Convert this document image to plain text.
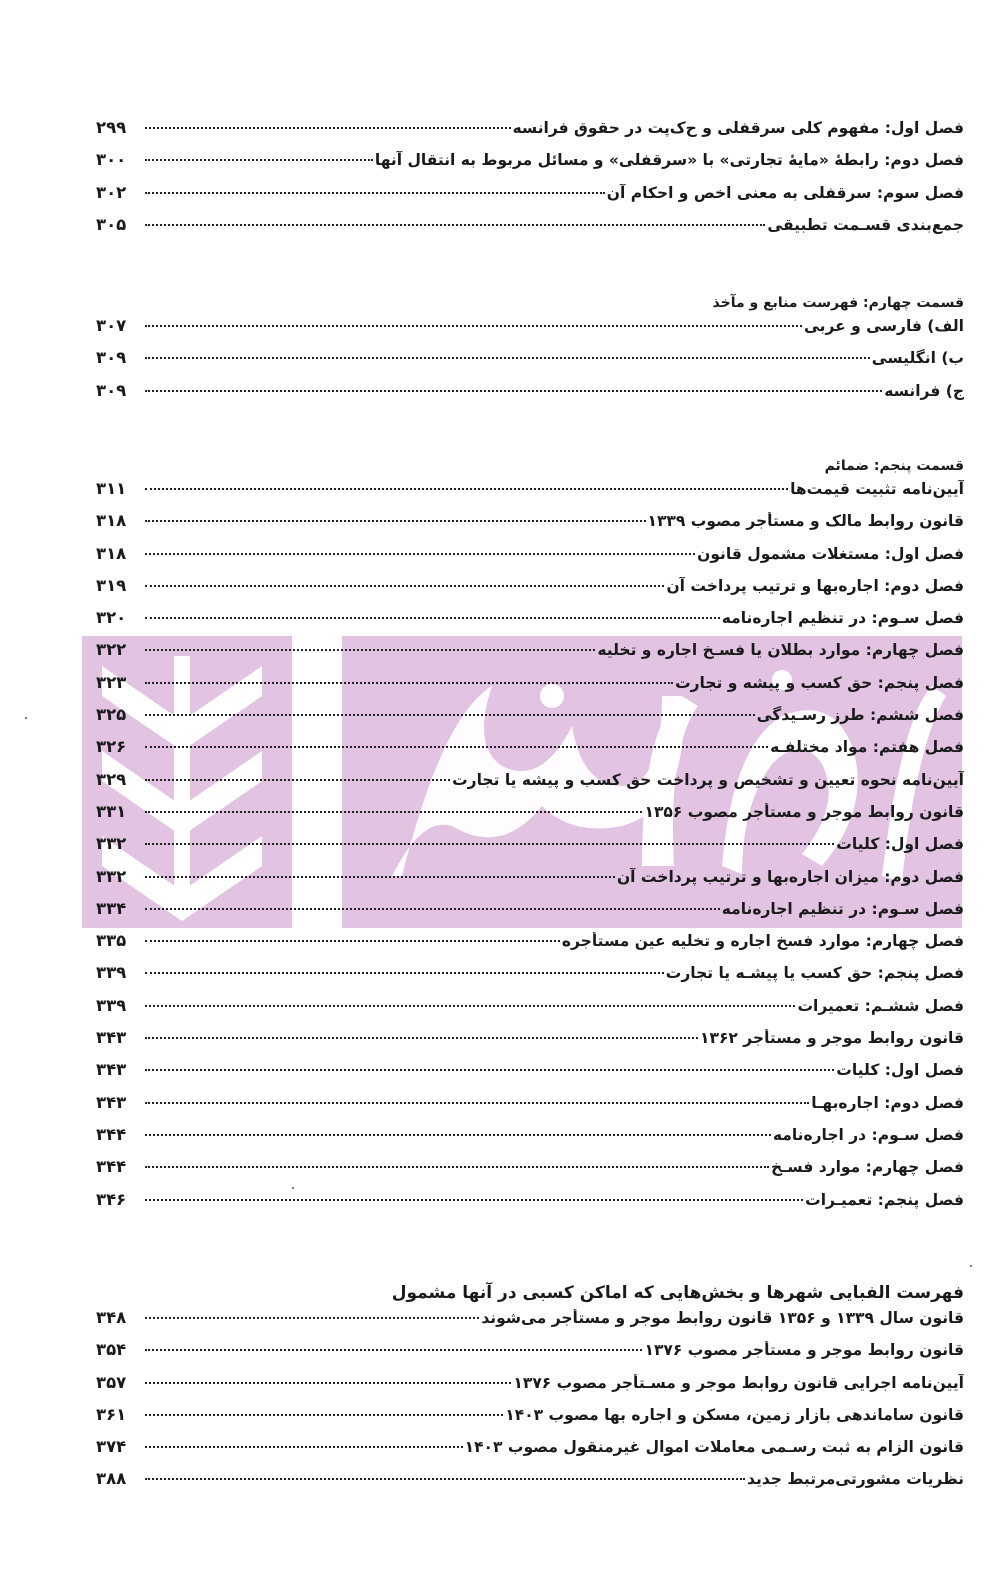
فصل اول: مفهوم کلی سرقفلی و ح‌ک‌پت در حقوق فرانسه
۲۹۹
فصل دوم: رابطهٔ «مایهٔ تجارتی» با «سرقفلی» و مسائل مربوط به انتقال آنها
۳۰۰
فصل سوم: سرقفلی به معنی اخص و احکام آن
۳۰۲
جمع‌بندی قسـمت تطبیقی
۳۰۵
قسمت چهارم: فهرست منابع و مآخذ
الف) فارسی و عربی
۳۰۷
ب) انگلیسی
۳۰۹
ج) فرانسه
۳۰۹
قسمت پنجم: ضمائم
آیین‌نامه تثبیت قیمت‌ها
۳۱۱
قانون روابط مالک و مستأجر مصوب ۱۳۳۹
۳۱۸
فصل اول: مستغلات مشمول قانون
۳۱۸
فصل دوم: اجاره‌بها و ترتیب پرداخت آن
۳۱۹
فصل سـوم: در تنظیم اجاره‌نامه
۳۲۰
فصل چهارم: موارد بطلان یا فسـخ اجاره و تخلیه
۳۲۲
فصل پنجم: حق کسب و پیشه و تجارت
۳۲۳
فصل ششم: طرز رسـیدگی
۳۲۵
فصل هفتم: مواد مختلفـه
۳۲۶
آیین‌نامه نحوه تعیین و تشخیص و پرداخت حق کسب و پیشه یا تجارت
۳۲۹
قانون روابط موجر و مستأجر مصوب ۱۳۵۶
۳۳۱
فصل اول: کلیات
۳۳۲
فصل دوم: میزان اجاره‌بها و ترتیب پرداخت آن
۳۳۲
فصل سـوم: در تنظیم اجاره‌نامه
۳۳۴
فصل چهارم: موارد فسخ اجاره و تخلیه عین مستأجره
۳۳۵
فصل پنجم: حق کسب یا پیشـه یا تجارت
۳۳۹
فصل ششـم: تعمیرات
۳۳۹
قانون روابط موجر و مستأجر ۱۳۶۲
۳۴۳
فصل اول: کلیات
۳۴۳
فصل دوم: اجاره‌بهـا
۳۴۳
فصل سـوم: در اجاره‌نامه
۳۴۴
فصل چهارم: موارد فسـخ
۳۴۴
فصل پنجم: تعمیـرات
۳۴۶
فهرست الفبایی شهرها و بخش‌هایی که اماکن کسبی در آنها مشمول
قانون سال ۱۳۳۹ و ۱۳۵۶ قانون روابط موجر و مستأجر می‌شوند
۳۴۸
قانون روابط موجر و مستأجر مصوب ۱۳۷۶
۳۵۴
آیین‌نامه اجرایی قانون روابط موجر و مسـتأجر مصوب ۱۳۷۶
۳۵۷
قانون ساماندهی بازار زمین، مسکن و اجاره بها مصوب ۱۴۰۳
۳۶۱
قانون الزام به ثبت رسـمی معاملات اموال غیرمنقول مصوب ۱۴۰۳
۳۷۴
نظریات مشورتی‌مرتبط جدید
۳۸۸
